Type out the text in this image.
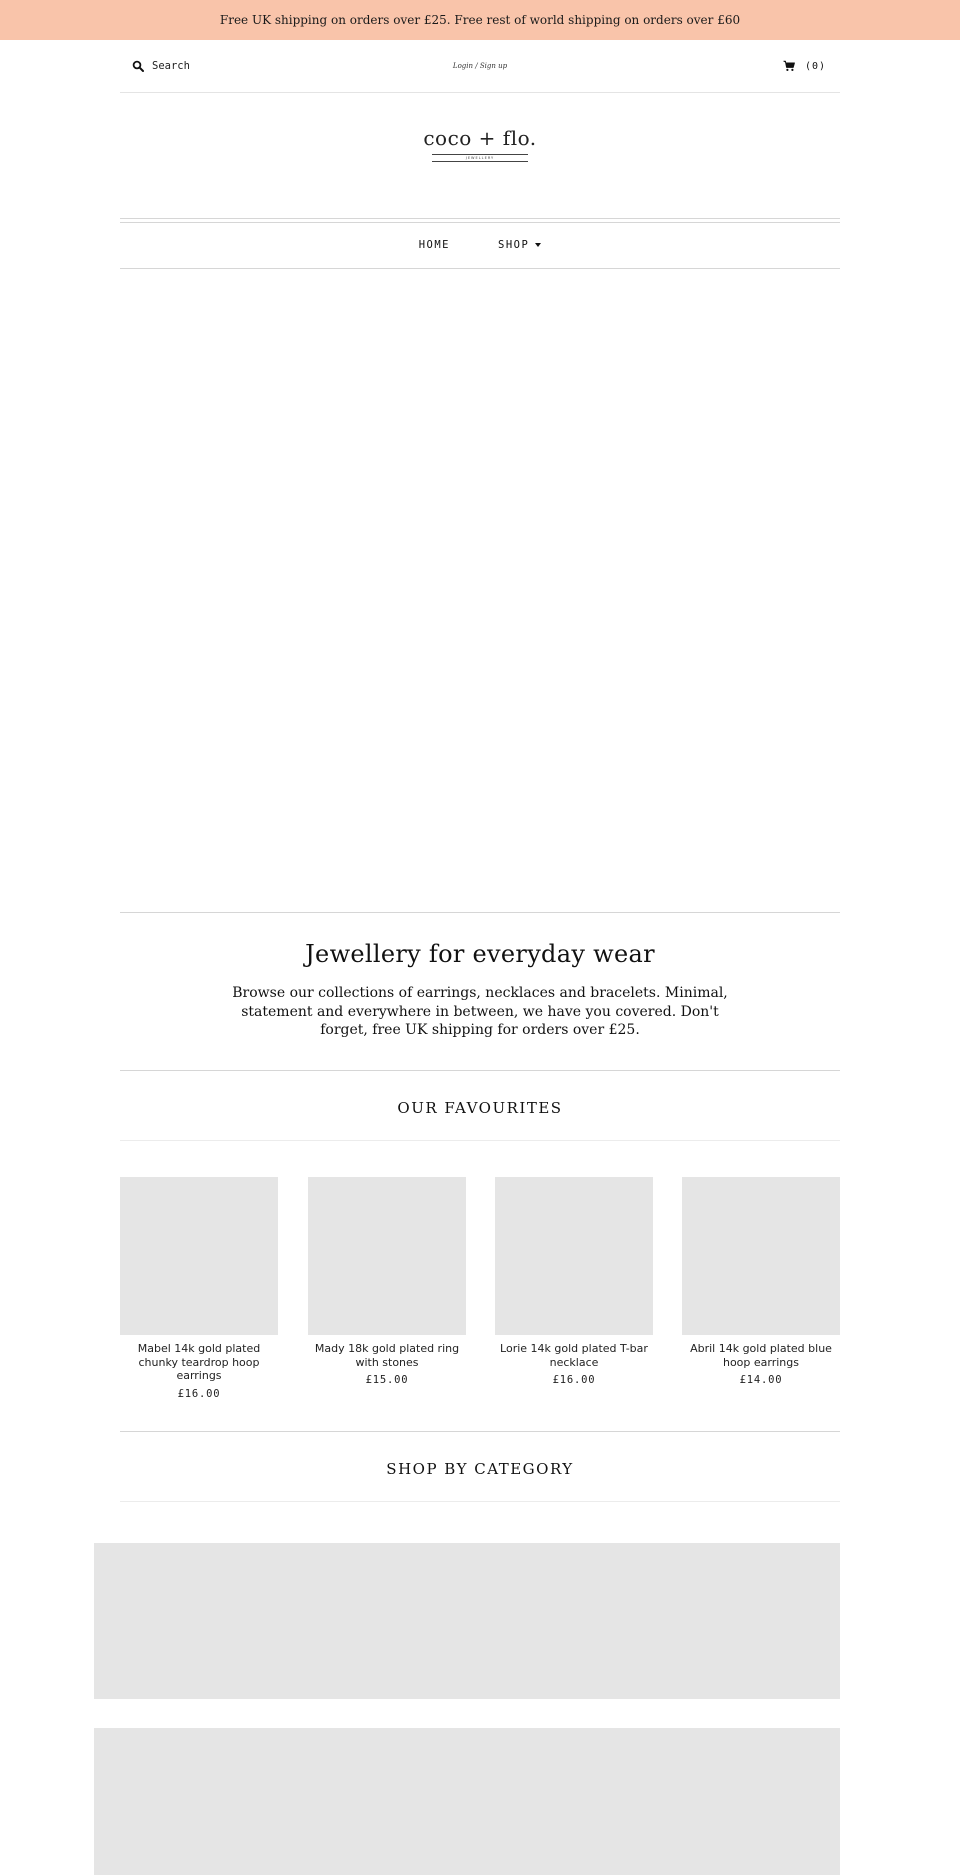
Free UK shipping on orders over £25. Free rest of world shipping on orders over £60
Search
Login / Sign up	(0)
coco + flo.
JEWELLERY
HOME	SHOP
Jewellery for everyday wear

Browse our collections of earrings, necklaces and bracelets. Minimal, statement and everywhere in between, we have you covered. Don't forget, free UK shipping for orders over £25.

OUR FAVOURITES
Mabel 14k gold plated chunky teardrop hoop earrings
£16.00
Mady 18k gold plated ring with stones
£15.00
Lorie 14k gold plated T-bar necklace
£16.00
Abril 14k gold plated blue hoop earrings
£14.00
SHOP BY CATEGORY
